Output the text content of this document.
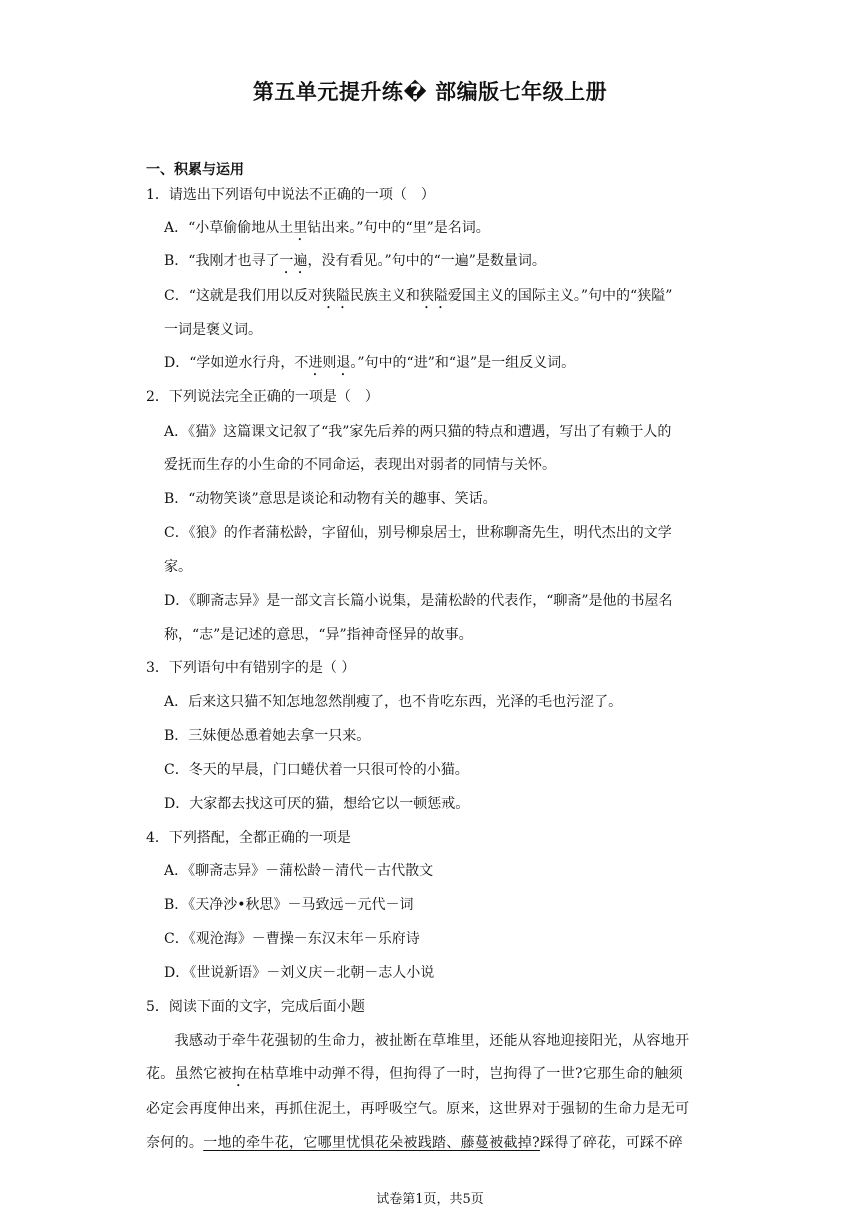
第五单元提升练� 部编版七年级上册
一、积累与运用
1．请选出下列语句中说法不正确的一项（　）
A．“小草偷偷地从土里钻出来。”句中的“里”是名词。
B．“我刚才也寻了一遍，没有看见。”句中的“一遍”是数量词。
C．“这就是我们用以反对狭隘民族主义和狭隘爱国主义的国际主义。”句中的“狭隘”
一词是褒义词。
D．“学如逆水行舟，不进则退。”句中的“进”和“退”是一组反义词。
2．下列说法完全正确的一项是（　）
A．《猫》这篇课文记叙了“我”家先后养的两只猫的特点和遭遇，写出了有赖于人的
爱抚而生存的小生命的不同命运，表现出对弱者的同情与关怀。
B．“动物笑谈”意思是谈论和动物有关的趣事、笑话。
C．《狼》的作者蒲松龄，字留仙，别号柳泉居士，世称聊斋先生，明代杰出的文学
家。
D．《聊斋志异》是一部文言长篇小说集，是蒲松龄的代表作，“聊斋”是他的书屋名
称，“志”是记述的意思，“异”指神奇怪异的故事。
3．下列语句中有错别字的是（ ）
A．后来这只猫不知怎地忽然削瘦了，也不肯吃东西，光泽的毛也污涩了。
B．三妹便怂恿着她去拿一只来。
C．冬天的早晨，门口蜷伏着一只很可怜的小猫。
D．大家都去找这可厌的猫，想给它以一顿惩戒。
4．下列搭配，全都正确的一项是
A．《聊斋志异》－蒲松龄－清代－古代散文
B．《天净沙•秋思》－马致远－元代－词
C．《观沧海》－曹操－东汉末年－乐府诗
D．《世说新语》－刘义庆－北朝－志人小说
5．阅读下面的文字，完成后面小题
　　我感动于牵牛花强韧的生命力，被扯断在草堆里，还能从容地迎接阳光，从容地开
花。虽然它被拘在枯草堆中动弹不得，但拘得了一时，岂拘得了一世?它那生命的触须
必定会再度伸出来，再抓住泥土，再呼吸空气。原来，这世界对于强韧的生命力是无可
奈何的。一地的牵牛花，它哪里忧惧花朵被践踏、藤蔓被截掉?踩得了碎花，可踩不碎
试卷第1页，共5页
